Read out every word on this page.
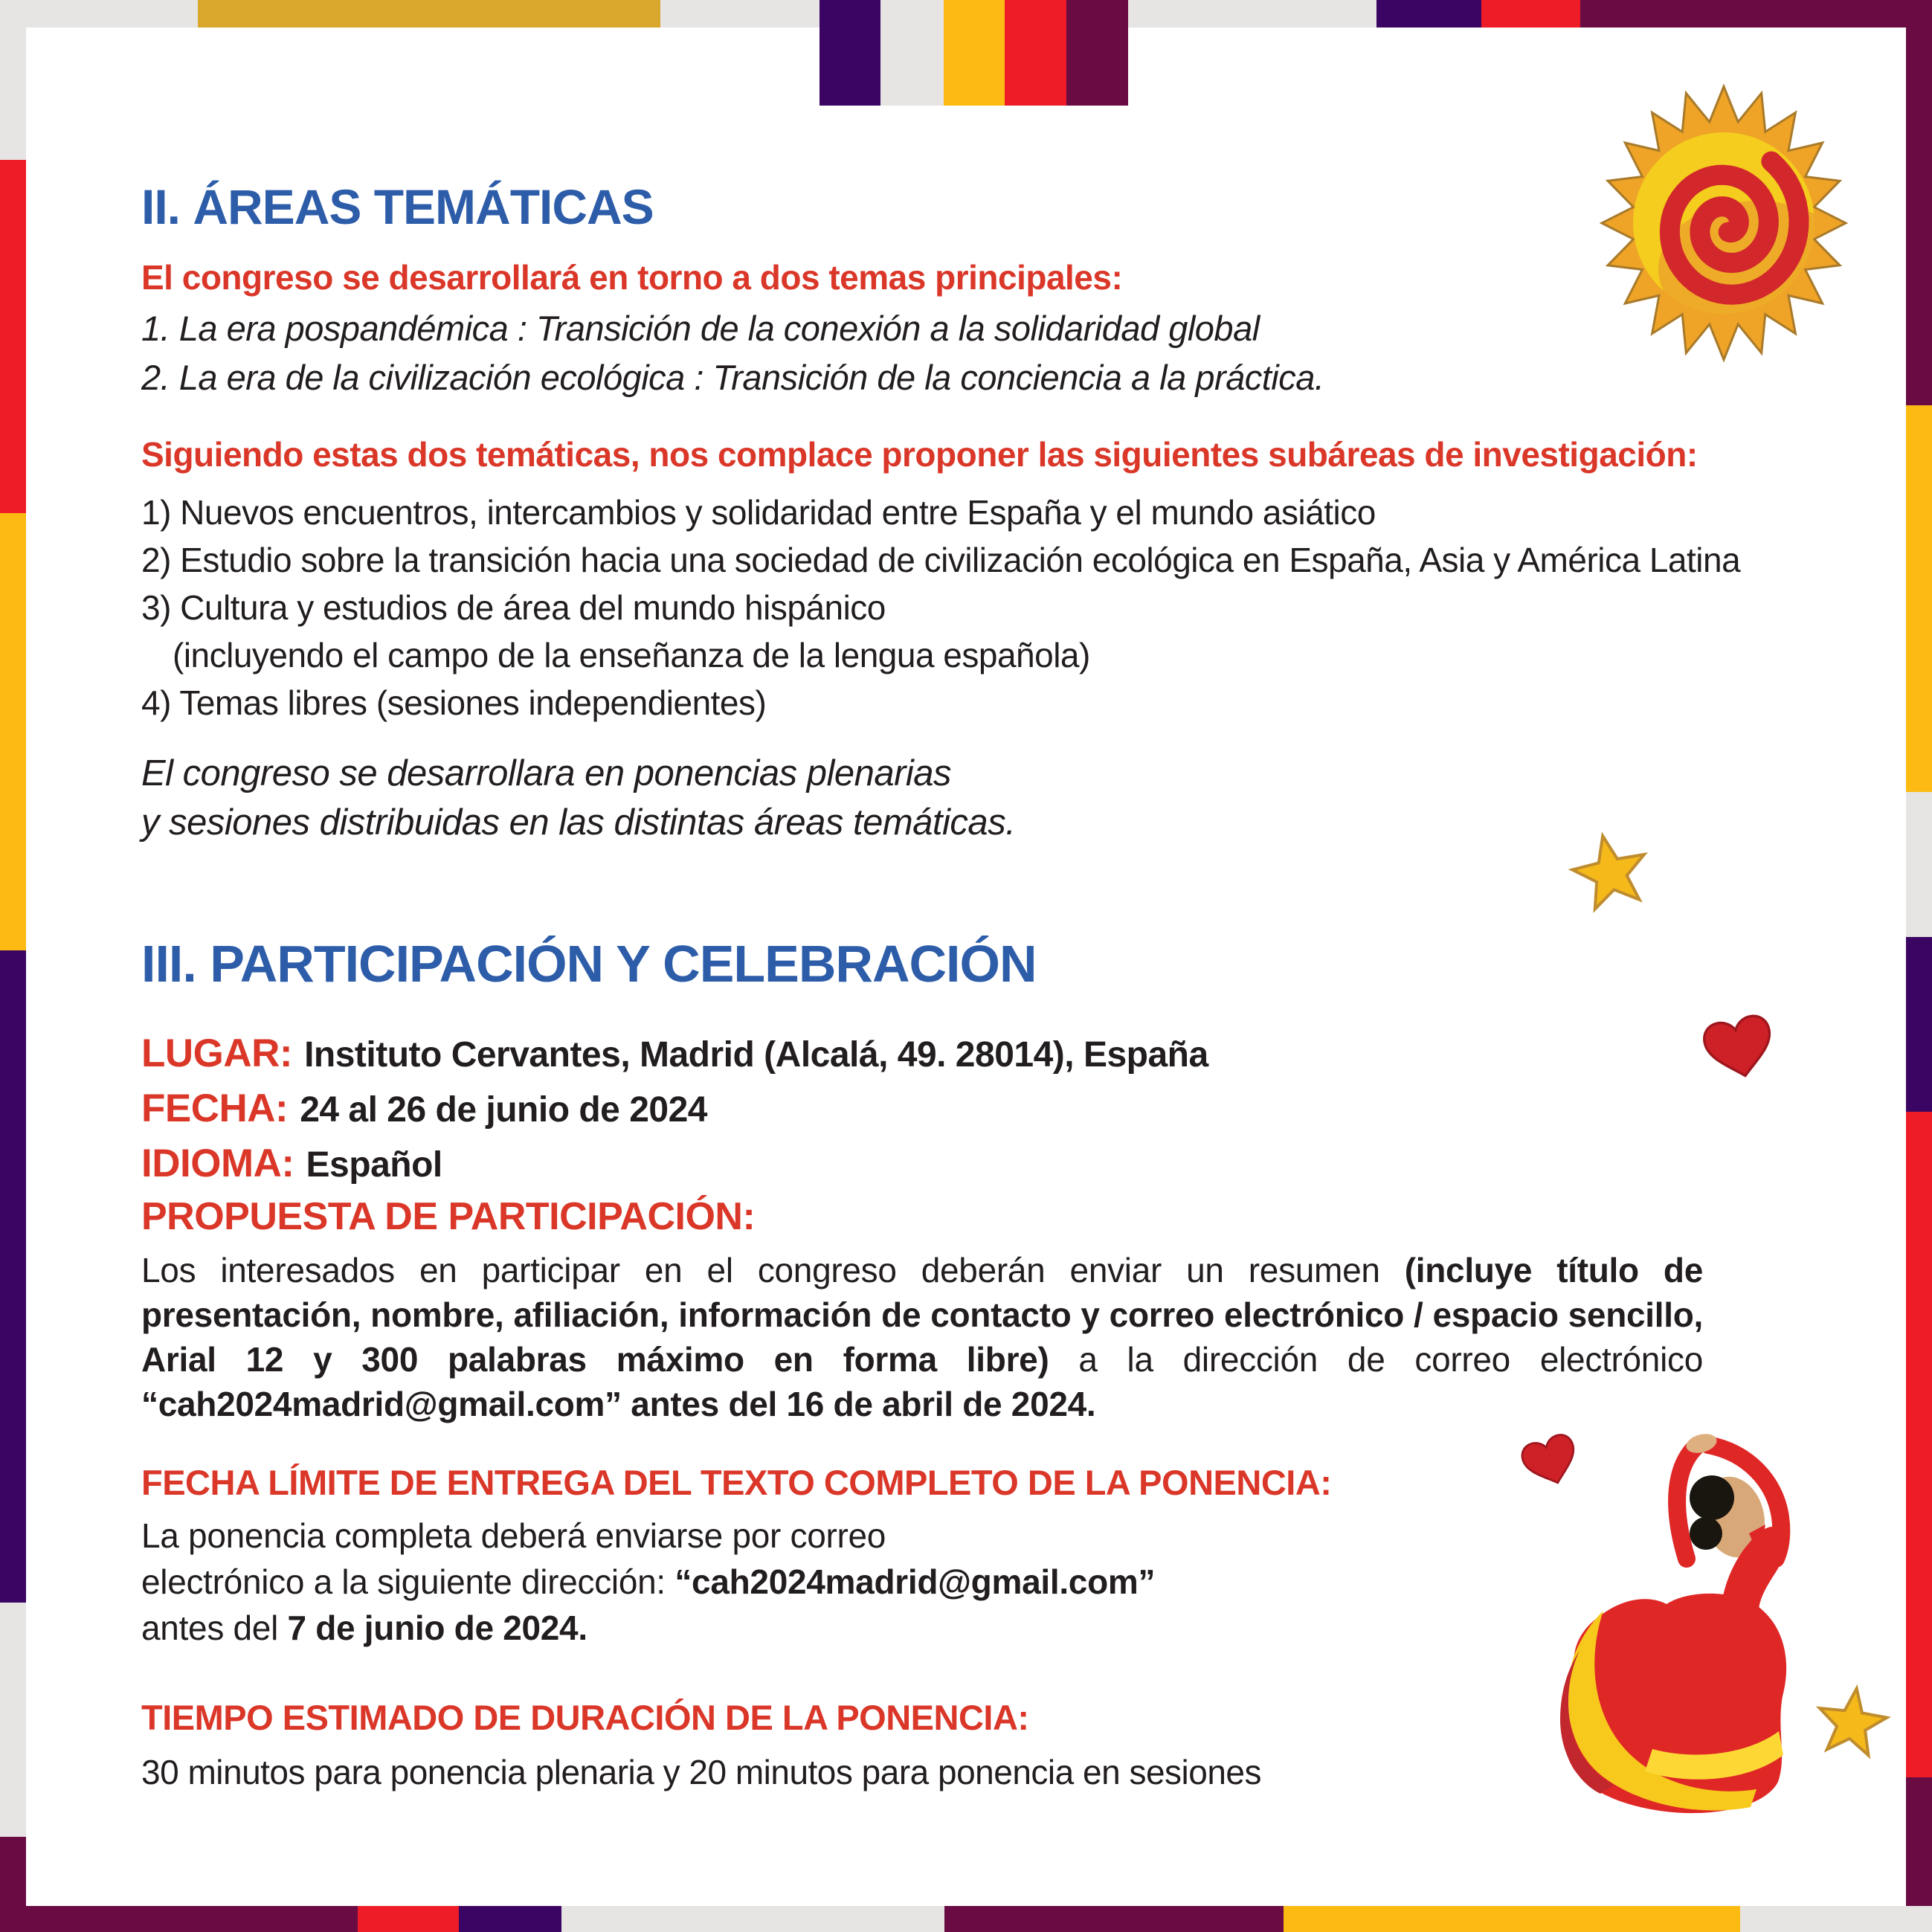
II. ÁREAS TEMÁTICAS
El congreso se desarrollará en torno a dos temas principales:
1. La era pospandémica : Transición de la conexión a la solidaridad global
2. La era de la civilización ecológica : Transición de la conciencia a la práctica.
Siguiendo estas dos temáticas, nos complace proponer las siguientes subáreas de investigación:
1) Nuevos encuentros, intercambios y solidaridad entre España y el mundo asiático
2) Estudio sobre la transición hacia una sociedad de civilización ecológica en España, Asia y América Latina
3) Cultura y estudios de área del mundo hispánico
(incluyendo el campo de la enseñanza de la lengua española)
4) Temas libres (sesiones independientes)
El congreso se desarrollara en ponencias plenarias
y sesiones distribuidas en las distintas áreas temáticas.
III. PARTICIPACIÓN Y CELEBRACIÓN
LUGAR: Instituto Cervantes, Madrid (Alcalá, 49. 28014), España
FECHA: 24 al 26 de junio de 2024
IDIOMA: Español
PROPUESTA DE PARTICIPACIÓN:
Los interesados en participar en el congreso deberán enviar un resumen (incluye título de presentación, nombre, afiliación, información de contacto y correo electrónico / espacio sencillo, Arial 12 y 300 palabras máximo en forma libre) a la dirección de correo electrónico “cah2024madrid@gmail.com” antes del 16 de abril de 2024.
FECHA LÍMITE DE ENTREGA DEL TEXTO COMPLETO DE LA PONENCIA:
La ponencia completa deberá enviarse por correo
electrónico a la siguiente dirección: “cah2024madrid@gmail.com”
antes del 7 de junio de 2024.
TIEMPO ESTIMADO DE DURACIÓN DE LA PONENCIA:
30 minutos para ponencia plenaria y 20 minutos para ponencia en sesiones
